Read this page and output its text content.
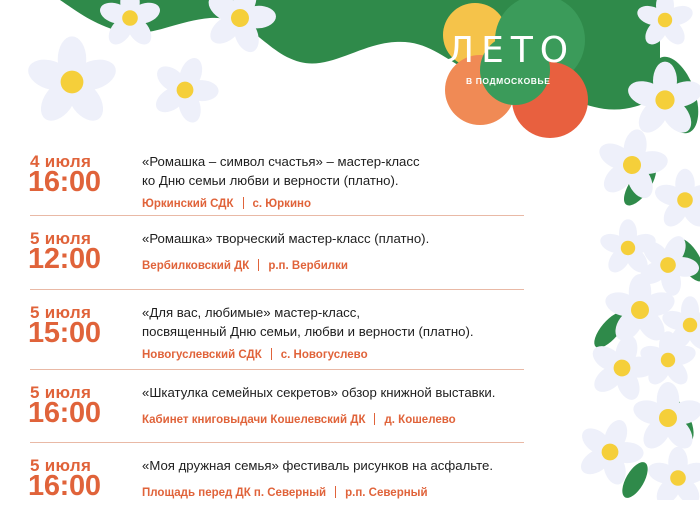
ЛЕТО
В ПОДМОСКОВЬЕ
4 июля
16:00
«Ромашка – символ счастья» – мастер-класс
ко Дню семьи любви и верности (платно).
Юркинский СДК с. Юркино
5 июля
12:00
«Ромашка» творческий мастер-класс (платно).
Вербилковский ДК р.п. Вербилки
5 июля
15:00
«Для вас, любимые» мастер-класс,
посвященный Дню семьи, любви и верности (платно).
Новогуслевский СДК с. Новогуслево
5 июля
16:00
«Шкатулка семейных секретов» обзор книжной выставки.
Кабинет книговыдачи Кошелевский ДК д. Кошелево
5 июля
16:00
«Моя дружная семья» фестиваль рисунков на асфальте.
Площадь перед ДК п. Северный р.п. Северный
